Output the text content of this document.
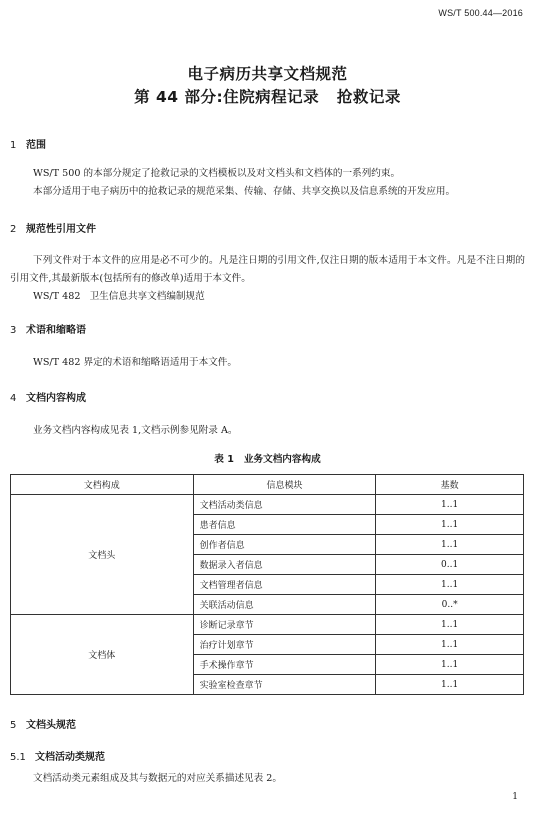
WS/T 500.44—2016
电子病历共享文档规范
第 44 部分:住院病程记录   抢救记录
1 范围
WS/T 500 的本部分规定了抢救记录的文档模板以及对文档头和文档体的一系列约束。
本部分适用于电子病历中的抢救记录的规范采集、传输、存储、共享交换以及信息系统的开发应用。
2 规范性引用文件
下列文件对于本文件的应用是必不可少的。凡是注日期的引用文件,仅注日期的版本适用于本文件。凡是不注日期的引用文件,其最新版本(包括所有的修改单)适用于本文件。
WS/T 482   卫生信息共享文档编制规范
3 术语和缩略语
WS/T 482 界定的术语和缩略语适用于本文件。
4 文档内容构成
业务文档内容构成见表 1,文档示例参见附录 A。
表 1   业务文档内容构成
文档构成	信息模块	基数
文档头	文档活动类信息	1..1
	患者信息	1..1
	创作者信息	1..1
	数据录入者信息	0..1
	文档管理者信息	1..1
	关联活动信息	0..*
文档体	诊断记录章节	1..1
	治疗计划章节	1..1
	手术操作章节	1..1
	实验室检查章节	1..1
5 文档头规范
5.1 文档活动类规范
文档活动类元素组成及其与数据元的对应关系描述见表 2。
1
